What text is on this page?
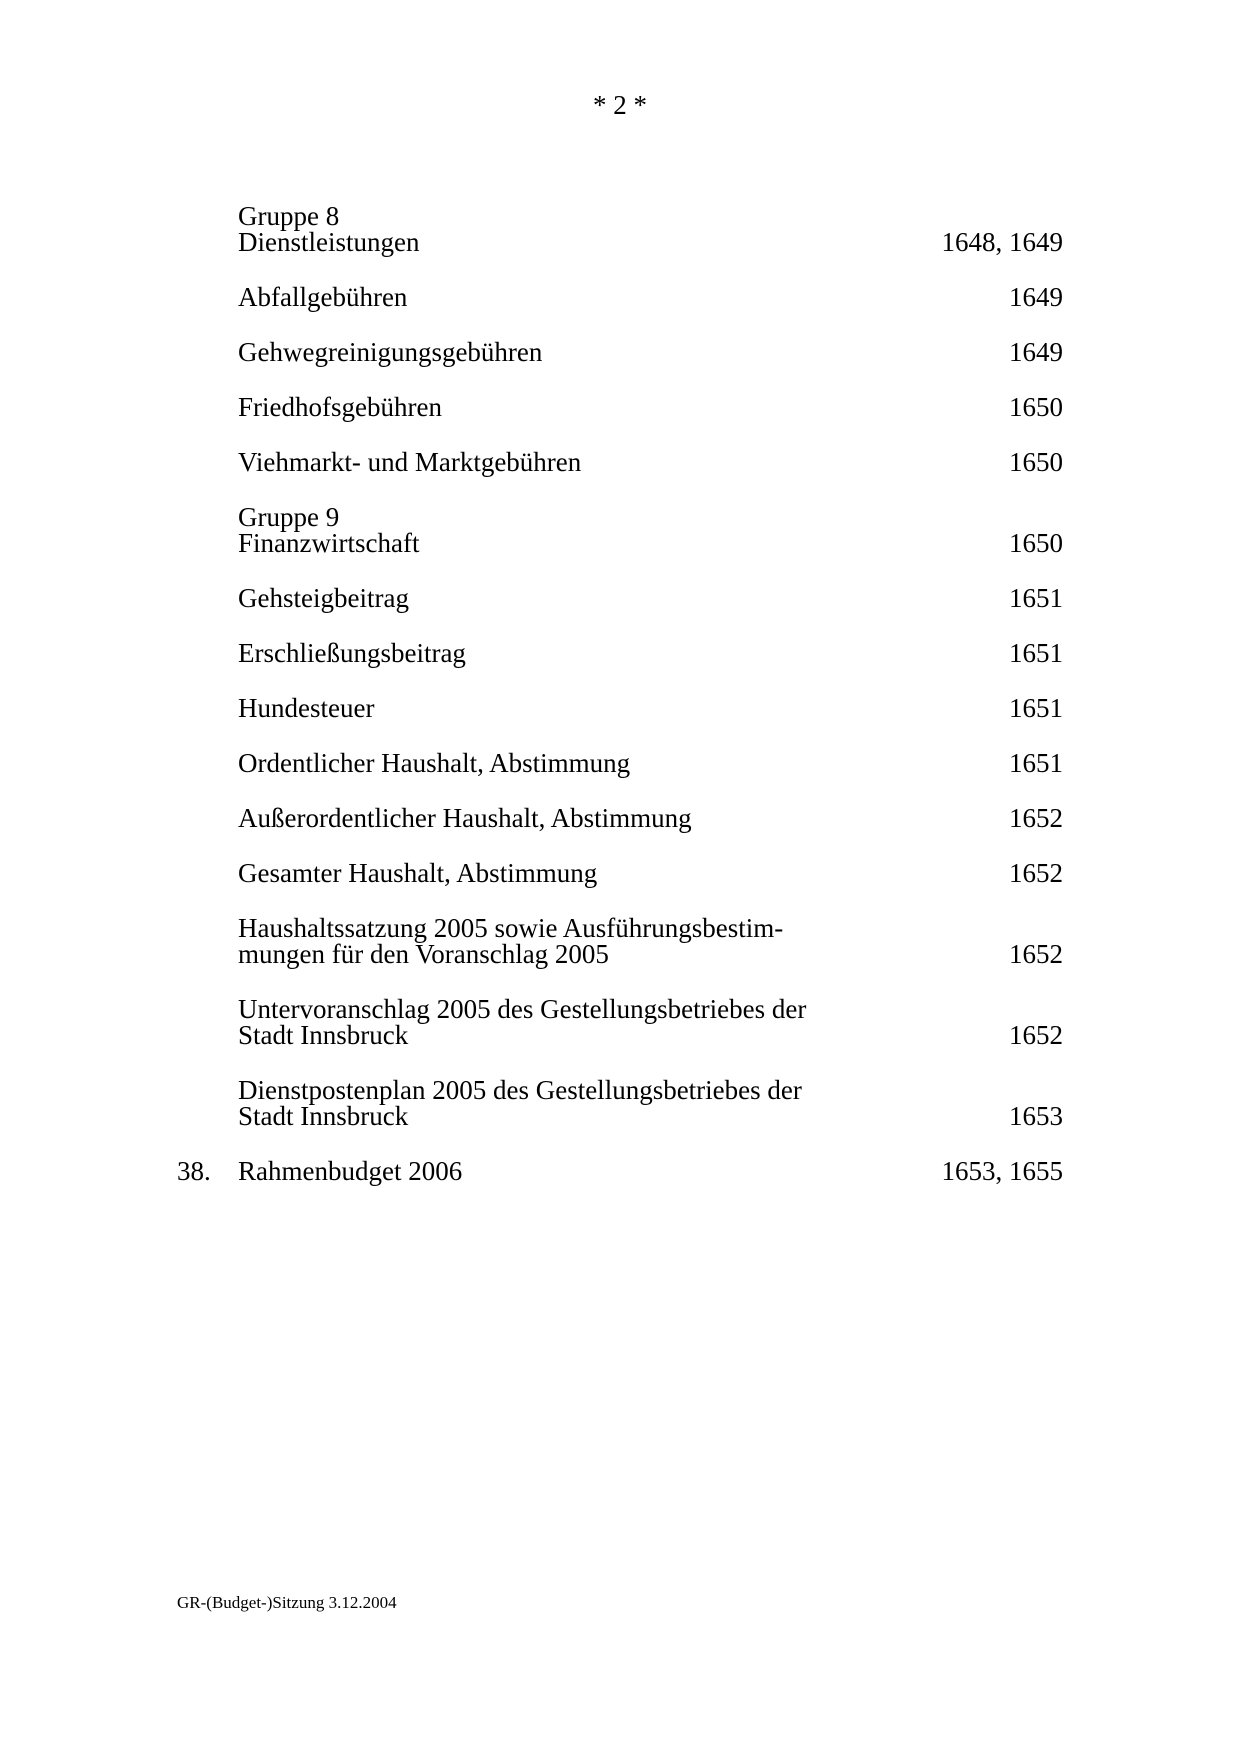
* 2 *
Gruppe 8
Dienstleistungen	1648, 1649
Abfallgebühren	1649
Gehwegreinigungsgebühren	1649
Friedhofsgebühren	1650
Viehmarkt- und Marktgebühren	1650
Gruppe 9
Finanzwirtschaft	1650
Gehsteigbeitrag	1651
Erschließungsbeitrag	1651
Hundesteuer	1651
Ordentlicher Haushalt, Abstimmung	1651
Außerordentlicher Haushalt, Abstimmung	1652
Gesamter Haushalt, Abstimmung	1652
Haushaltssatzung 2005 sowie Ausführungsbestim-
mungen für den Voranschlag 2005	1652
Untervoranschlag 2005 des Gestellungsbetriebes der
Stadt Innsbruck	1652
Dienstpostenplan 2005 des Gestellungsbetriebes der
Stadt Innsbruck	1653
38. Rahmenbudget 2006	1653, 1655
GR-(Budget-)Sitzung 3.12.2004
